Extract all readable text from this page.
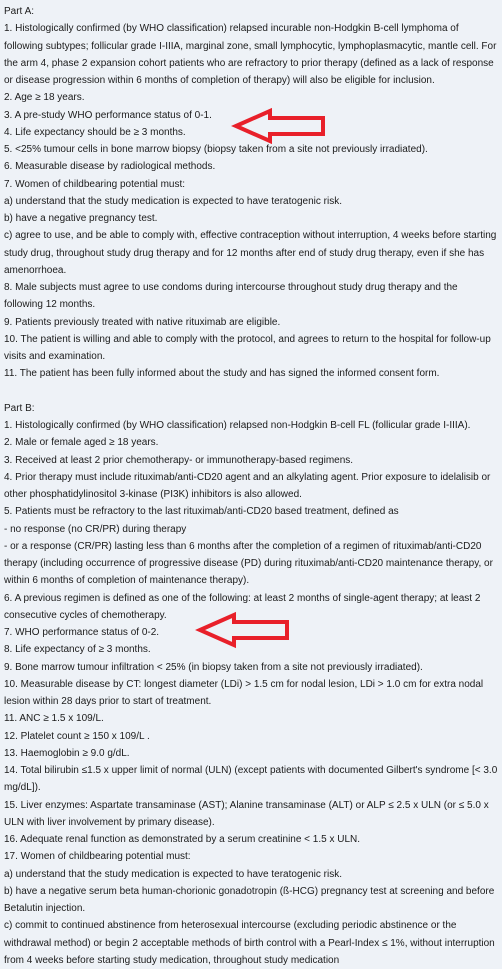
Part A:
1. Histologically confirmed (by WHO classification) relapsed incurable non-Hodgkin B-cell lymphoma of following subtypes; follicular grade I-IIIA, marginal zone, small lymphocytic, lymphoplasmacytic, mantle cell. For the arm 4, phase 2 expansion cohort patients who are refractory to prior therapy (defined as a lack of response or disease progression within 6 months of completion of therapy) will also be eligible for inclusion.
2. Age ≥ 18 years.
3. A pre-study WHO performance status of 0-1.
4. Life expectancy should be ≥ 3 months.
5. <25% tumour cells in bone marrow biopsy (biopsy taken from a site not previously irradiated).
6. Measurable disease by radiological methods.
7. Women of childbearing potential must:
a) understand that the study medication is expected to have teratogenic risk.
b) have a negative pregnancy test.
c) agree to use, and be able to comply with, effective contraception without interruption, 4 weeks before starting study drug, throughout study drug therapy and for 12 months after end of study drug therapy, even if she has amenorrhoea.
8. Male subjects must agree to use condoms during intercourse throughout study drug therapy and the following 12 months.
9. Patients previously treated with native rituximab are eligible.
10. The patient is willing and able to comply with the protocol, and agrees to return to the hospital for follow-up visits and examination.
11. The patient has been fully informed about the study and has signed the informed consent form.
Part B:
1. Histologically confirmed (by WHO classification) relapsed non-Hodgkin B-cell FL (follicular grade I-IIIA).
2. Male or female aged ≥ 18 years.
3. Received at least 2 prior chemotherapy- or immunotherapy-based regimens.
4. Prior therapy must include rituximab/anti-CD20 agent and an alkylating agent. Prior exposure to idelalisib or other phosphatidylinositol 3-kinase (PI3K) inhibitors is also allowed.
5. Patients must be refractory to the last rituximab/anti-CD20 based treatment, defined as
- no response (no CR/PR) during therapy
- or a response (CR/PR) lasting less than 6 months after the completion of a regimen of rituximab/anti-CD20 therapy (including occurrence of progressive disease (PD) during rituximab/anti-CD20 maintenance therapy, or within 6 months of completion of maintenance therapy).
6. A previous regimen is defined as one of the following: at least 2 months of single-agent therapy; at least 2 consecutive cycles of chemotherapy.
7. WHO performance status of 0-2.
8. Life expectancy of ≥ 3 months.
9. Bone marrow tumour infiltration < 25% (in biopsy taken from a site not previously irradiated).
10. Measurable disease by CT: longest diameter (LDi) > 1.5 cm for nodal lesion, LDi > 1.0 cm for extra nodal lesion within 28 days prior to start of treatment.
11. ANC ≥ 1.5 x 109/L.
12. Platelet count ≥ 150 x 109/L .
13. Haemoglobin ≥ 9.0 g/dL.
14. Total bilirubin ≤1.5 x upper limit of normal (ULN) (except patients with documented Gilbert's syndrome [< 3.0 mg/dL]).
15. Liver enzymes: Aspartate transaminase (AST); Alanine transaminase (ALT) or ALP ≤ 2.5 x ULN (or ≤ 5.0 x ULN with liver involvement by primary disease).
16. Adequate renal function as demonstrated by a serum creatinine < 1.5 x ULN.
17. Women of childbearing potential must:
a) understand that the study medication is expected to have teratogenic risk.
b) have a negative serum beta human-chorionic gonadotropin (ß-HCG) pregnancy test at screening and before Betalutin injection.
c) commit to continued abstinence from heterosexual intercourse (excluding periodic abstinence or the withdrawal method) or begin 2 acceptable methods of birth control with a Pearl-Index ≤ 1%, without interruption from 4 weeks before starting study medication, throughout study medication
